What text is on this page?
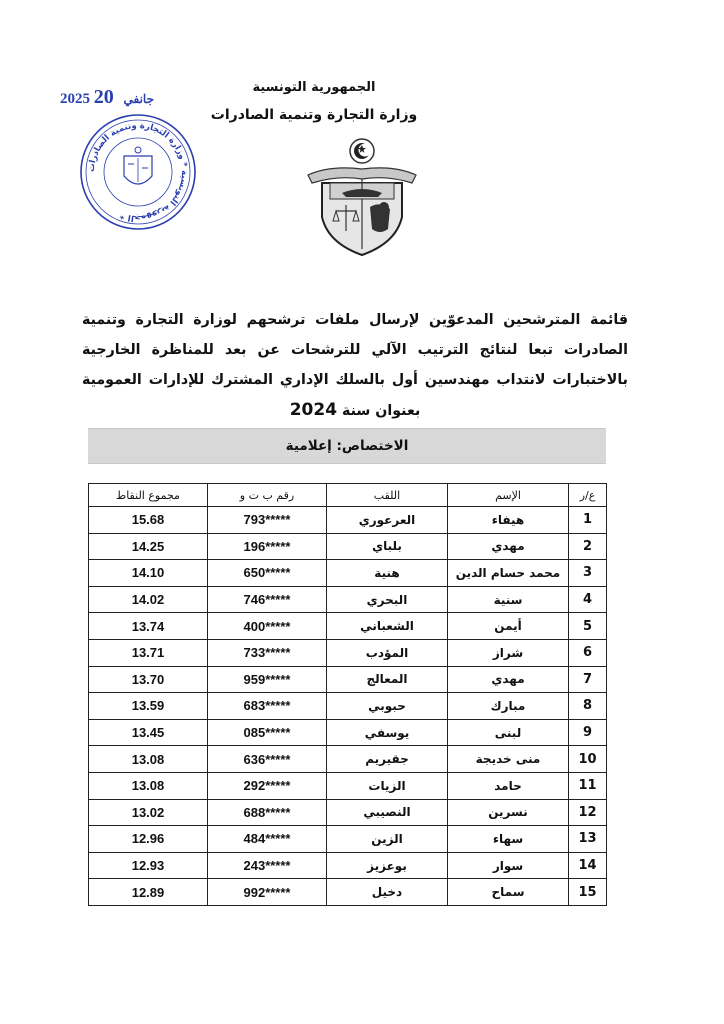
الجمهورية التونسية

وزارة التجارة وتنمية الصادرات

2025	جانفي 20
الجمهورية التونسية * وزارة التجارة وتنمية الصادرات *
قائمة المترشحين المدعوّين لإرسال ملفات ترشحهم لوزارة التجارة وتنمية الصادرات تبعا لنتائج الترتيب الآلي للترشحات عن بعد للمناظرة الخارجية بالاختبارات لانتداب مهندسين أول بالسلك الإداري المشترك للإدارات العمومية بعنوان سنة 2024
الاختصاص: إعلامية
ع/ر	الإسم	اللقب	رقم ب ت و	مجموع النقاط
1	هيفاء	العرعوري	793*****	15.68
2	مهدي	بلباي	196*****	14.25
3	محمد حسام الدين	هنية	650*****	14.10
4	سنية	البحري	746*****	14.02
5	أيمن	الشعباني	400*****	13.74
6	شراز	المؤدب	733*****	13.71
7	مهدي	المعالج	959*****	13.70
8	مبارك	حبوبي	683*****	13.59
9	لبنى	يوسفي	085*****	13.45
10	منى خديجة	جقيريم	636*****	13.08
11	حامد	الزيات	292*****	13.08
12	نسرين	النصيبي	688*****	13.02
13	سهاء	الزين	484*****	12.96
14	سوار	بوعزيز	243*****	12.93
15	سماح	دخيل	992*****	12.89
